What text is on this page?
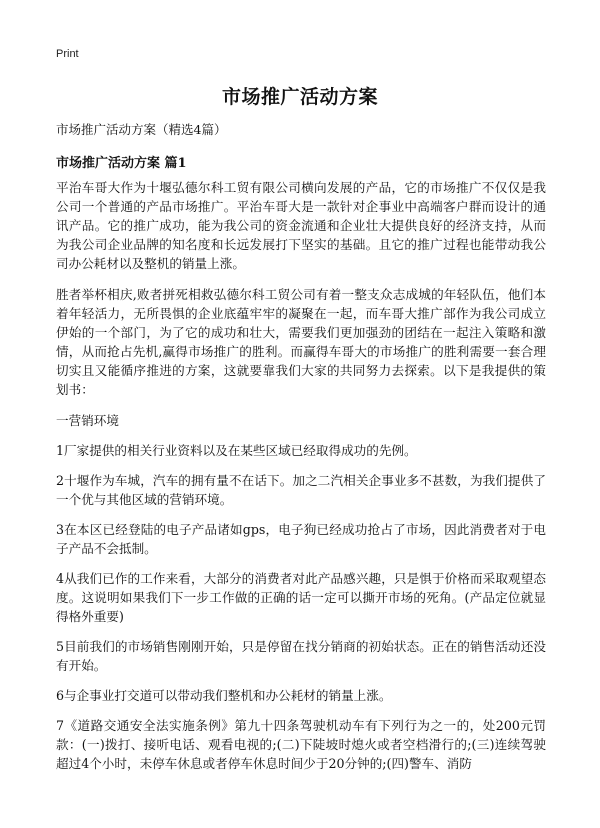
Print
市场推广活动方案

市场推广活动方案（精选4篇）

市场推广活动方案 篇1

平治车哥大作为十堰弘德尔科工贸有限公司横向发展的产品，它的市场推广不仅仅是我公司一个普通的产品市场推广。平治车哥大是一款针对企事业中高端客户群而设计的通讯产品。它的推广成功，能为我公司的资金流通和企业壮大提供良好的经济支持，从而为我公司企业品牌的知名度和长远发展打下坚实的基础。且它的推广过程也能带动我公司办公耗材以及整机的销量上涨。

胜者举杯相庆,败者拼死相救弘德尔科工贸公司有着一整支众志成城的年轻队伍，他们本着年轻活力，无所畏惧的企业底蕴牢牢的凝聚在一起，而车哥大推广部作为我公司成立伊始的一个部门，为了它的成功和壮大，需要我们更加强劲的团结在一起注入策略和激情，从而抢占先机,赢得市场推广的胜利。而赢得车哥大的市场推广的胜利需要一套合理切实且又能循序推进的方案，这就要靠我们大家的共同努力去探索。以下是我提供的策划书：

一营销环境

1厂家提供的相关行业资料以及在某些区域已经取得成功的先例。

2十堰作为车城，汽车的拥有量不在话下。加之二汽相关企事业多不甚数，为我们提供了一个优与其他区域的营销环境。

3在本区已经登陆的电子产品诸如gps，电子狗已经成功抢占了市场，因此消费者对于电子产品不会抵制。

4从我们已作的工作来看，大部分的消费者对此产品感兴趣，只是惧于价格而采取观望态度。这说明如果我们下一步工作做的正确的话一定可以撕开市场的死角。(产品定位就显得格外重要)

5目前我们的市场销售刚刚开始，只是停留在找分销商的初始状态。正在的销售活动还没有开始。

6与企事业打交道可以带动我们整机和办公耗材的销量上涨。

7《道路交通安全法实施条例》第九十四条驾驶机动车有下列行为之一的，处200元罚款：(一)拨打、接听电话、观看电视的;(二)下陡坡时熄火或者空档滑行的;(三)连续驾驶超过4个小时，未停车休息或者停车休息时间少于20分钟的;(四)警车、消防
